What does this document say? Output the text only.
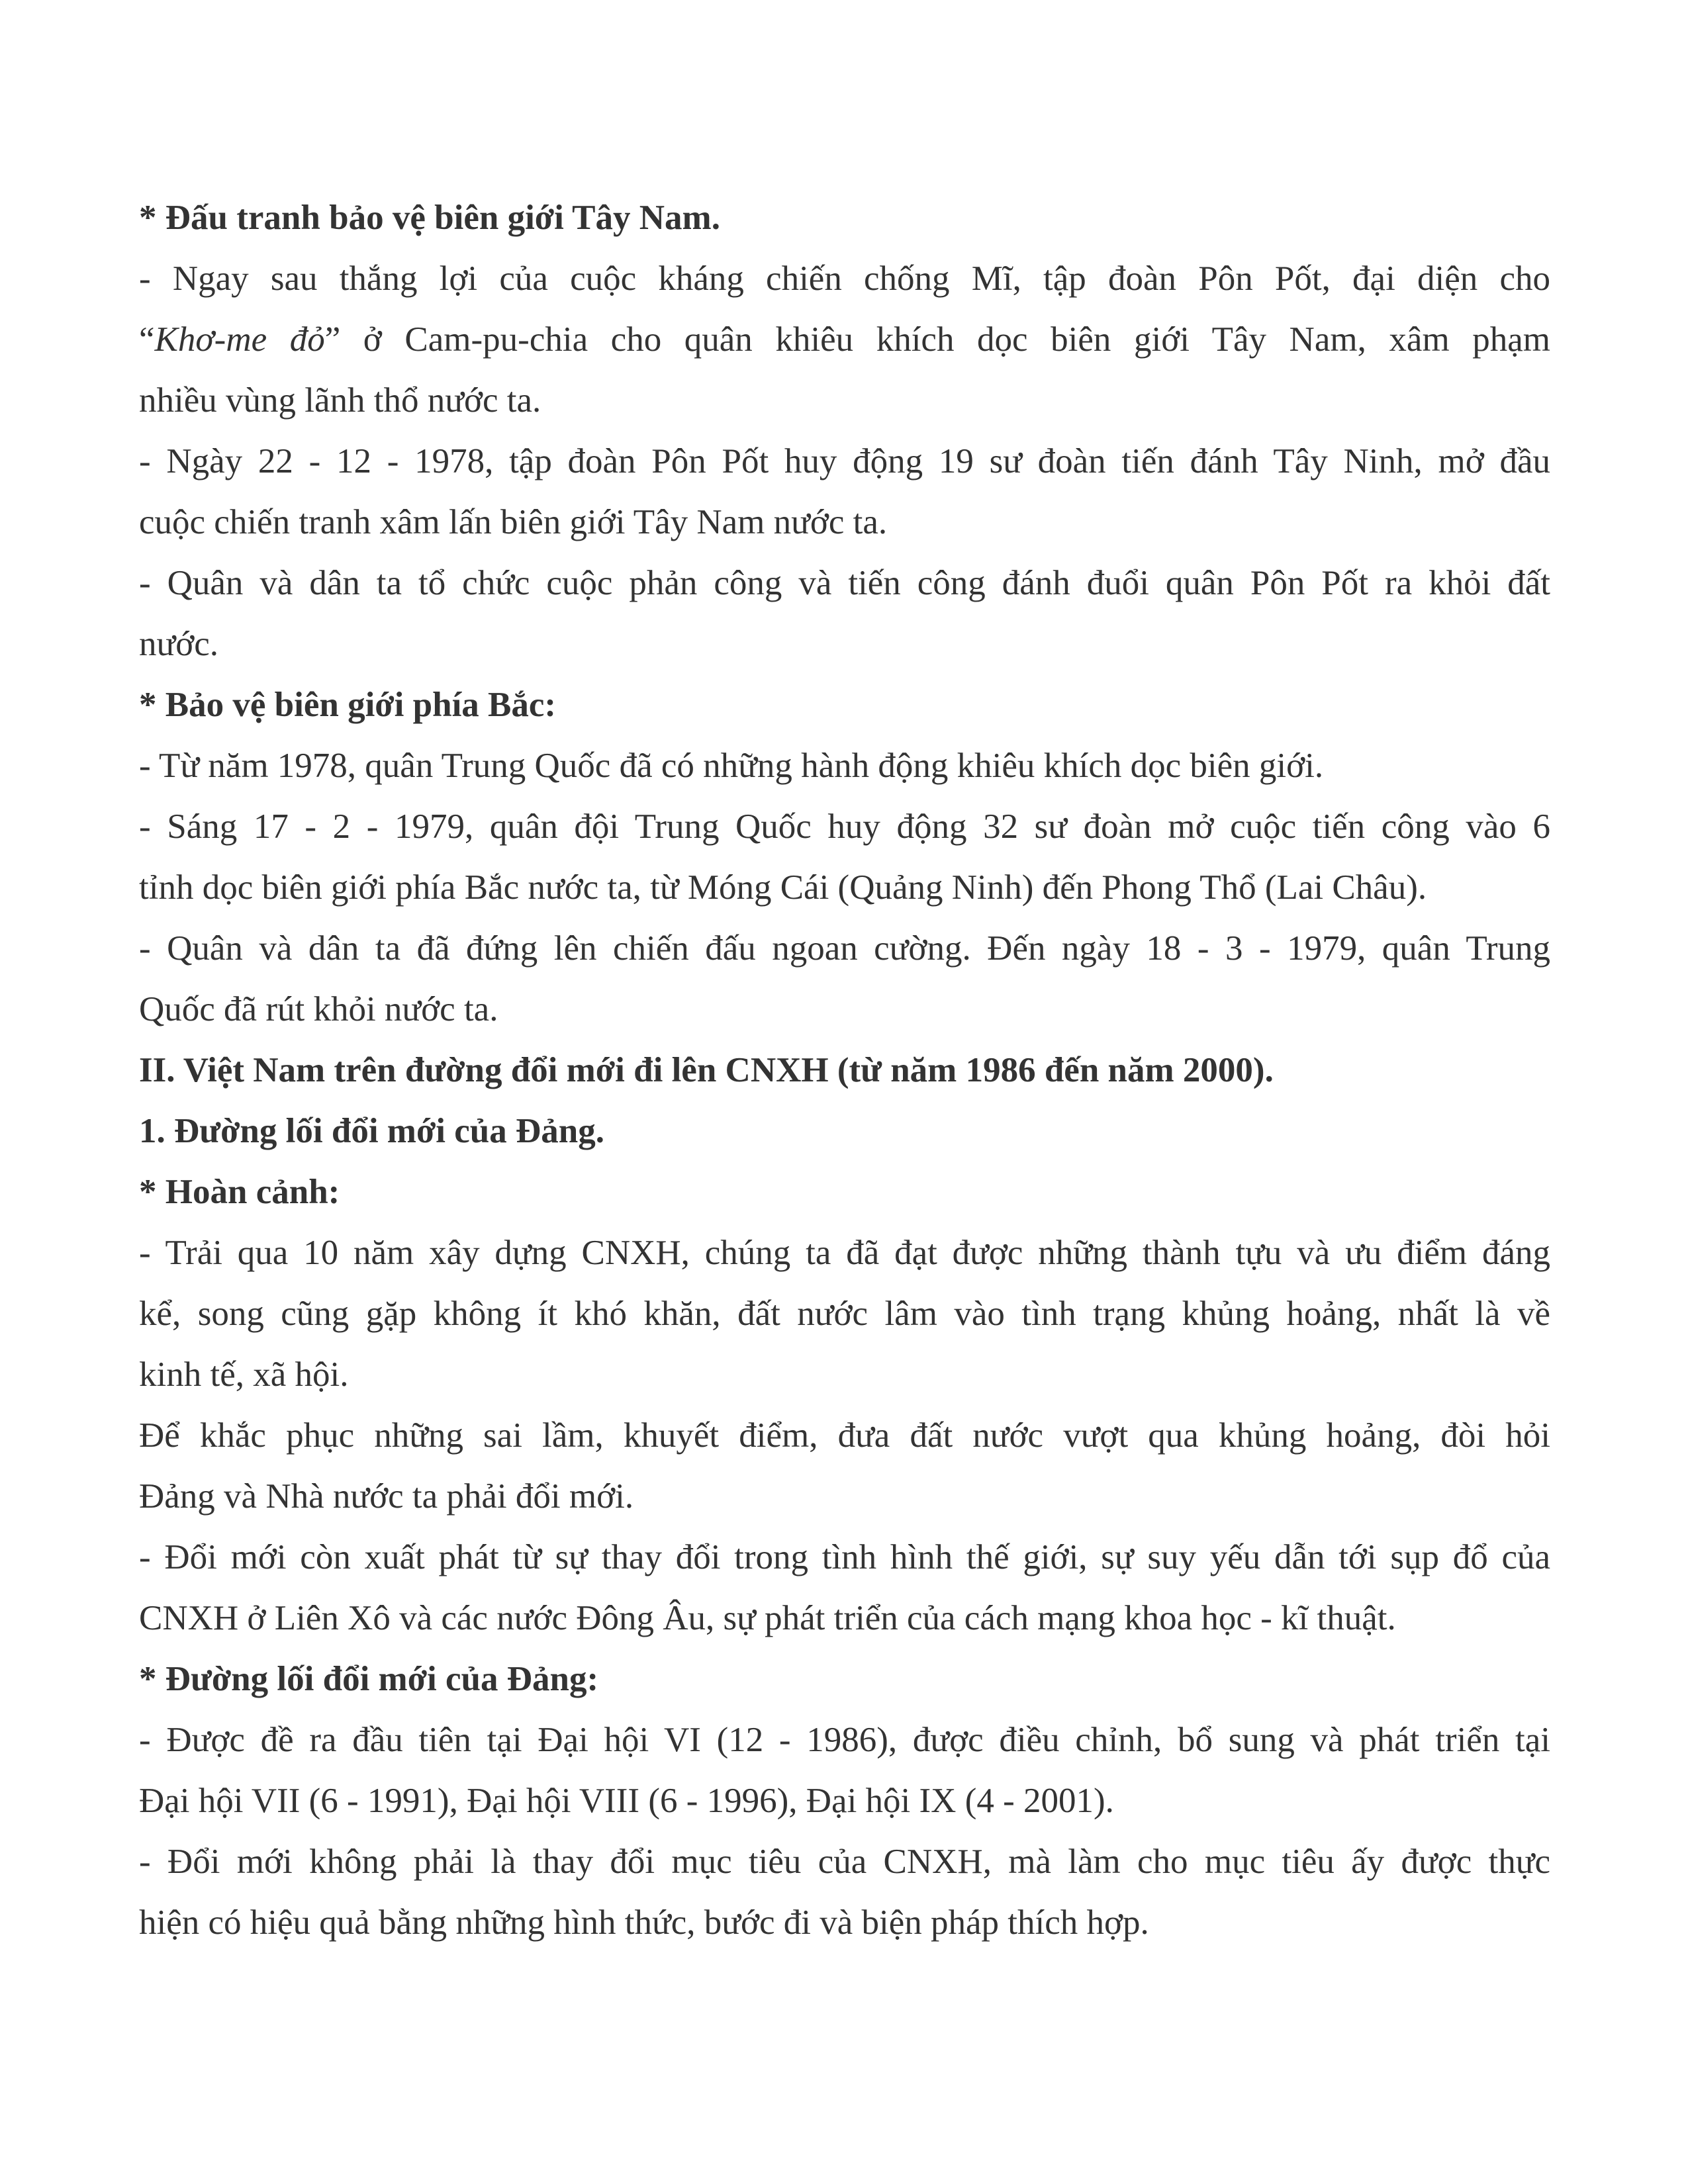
* Đấu tranh bảo vệ biên giới Tây Nam.
- Ngay sau thắng lợi của cuộc kháng chiến chống Mĩ, tập đoàn Pôn Pốt, đại diện cho
“Khơ-me đỏ” ở Cam-pu-chia cho quân khiêu khích dọc biên giới Tây Nam, xâm phạm
nhiều vùng lãnh thổ nước ta.
- Ngày 22 - 12 - 1978, tập đoàn Pôn Pốt huy động 19 sư đoàn tiến đánh Tây Ninh, mở đầu
cuộc chiến tranh xâm lấn biên giới Tây Nam nước ta.
- Quân và dân ta tổ chức cuộc phản công và tiến công đánh đuổi quân Pôn Pốt ra khỏi đất
nước.
* Bảo vệ biên giới phía Bắc:
- Từ năm 1978, quân Trung Quốc đã có những hành động khiêu khích dọc biên giới.
- Sáng 17 - 2 - 1979, quân đội Trung Quốc huy động 32 sư đoàn mở cuộc tiến công vào 6
tỉnh dọc biên giới phía Bắc nước ta, từ Móng Cái (Quảng Ninh) đến Phong Thổ (Lai Châu).
- Quân và dân ta đã đứng lên chiến đấu ngoan cường. Đến ngày 18 - 3 - 1979, quân Trung
Quốc đã rút khỏi nước ta.
II. Việt Nam trên đường đổi mới đi lên CNXH (từ năm 1986 đến năm 2000).
1. Đường lối đổi mới của Đảng.
* Hoàn cảnh:
- Trải qua 10 năm xây dựng CNXH, chúng ta đã đạt được những thành tựu và ưu điểm đáng
kể, song cũng gặp không ít khó khăn, đất nước lâm vào tình trạng khủng hoảng, nhất là về
kinh tế, xã hội.
Để khắc phục những sai lầm, khuyết điểm, đưa đất nước vượt qua khủng hoảng, đòi hỏi
Đảng và Nhà nước ta phải đổi mới.
- Đổi mới còn xuất phát từ sự thay đổi trong tình hình thế giới, sự suy yếu dẫn tới sụp đổ của
CNXH ở Liên Xô và các nước Đông Âu, sự phát triển của cách mạng khoa học - kĩ thuật.
* Đường lối đổi mới của Đảng:
- Được đề ra đầu tiên tại Đại hội VI (12 - 1986), được điều chỉnh, bổ sung và phát triển tại
Đại hội VII (6 - 1991), Đại hội VIII (6 - 1996), Đại hội IX (4 - 2001).
- Đổi mới không phải là thay đổi mục tiêu của CNXH, mà làm cho mục tiêu ấy được thực
hiện có hiệu quả bằng những hình thức, bước đi và biện pháp thích hợp.
